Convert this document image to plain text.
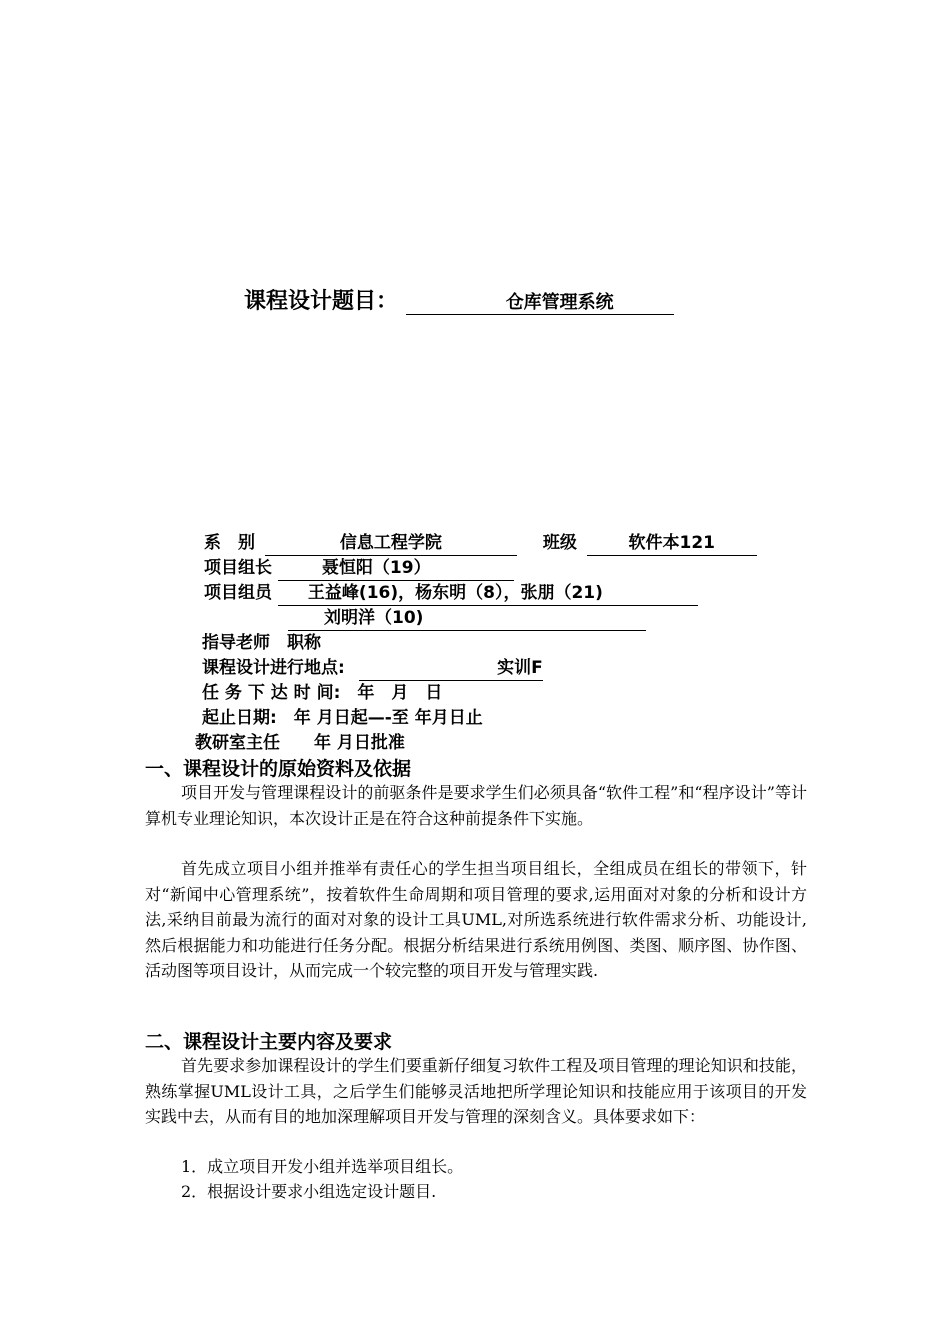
课程设计题目：	仓库管理系统
系　别	信息工程学院	班级	软件本121
项目组长	聂恒阳（19）
项目组员 王益峰(16)，杨东明（8），张朋（21)
刘明洋（10)
指导老师　职称
课程设计进行地点:	实训F
任 务 下 达 时 间:　年　月　日
起止日期:　年 月日起—-至 年月日止
教研室主任　　年 月日批准
一、课程设计的原始资料及依据
项目开发与管理课程设计的前驱条件是要求学生们必须具备“软件工程”和“程序设计”等计算机专业理论知识，本次设计正是在符合这种前提条件下实施。
首先成立项目小组并推举有责任心的学生担当项目组长，全组成员在组长的带领下，针对“新闻中心管理系统”，按着软件生命周期和项目管理的要求,运用面对对象的分析和设计方法,采纳目前最为流行的面对对象的设计工具UML,对所选系统进行软件需求分析、功能设计,然后根据能力和功能进行任务分配。根据分析结果进行系统用例图、类图、顺序图、协作图、活动图等项目设计，从而完成一个较完整的项目开发与管理实践.
二、课程设计主要内容及要求
首先要求参加课程设计的学生们要重新仔细复习软件工程及项目管理的理论知识和技能，熟练掌握UML设计工具，之后学生们能够灵活地把所学理论知识和技能应用于该项目的开发实践中去，从而有目的地加深理解项目开发与管理的深刻含义。具体要求如下：
1．成立项目开发小组并选举项目组长。
2．根据设计要求小组选定设计题目.
